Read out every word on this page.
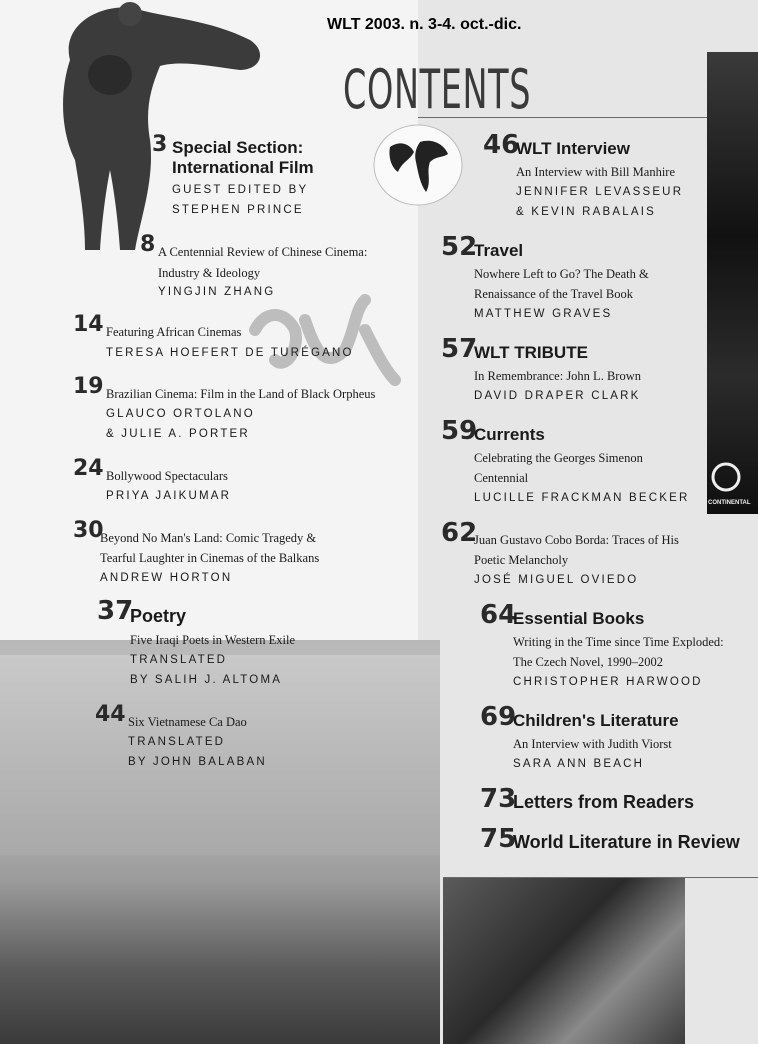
CONTINENTAL
WLT 2003. n. 3-4. oct.-dic.
CONTENTS
3 Special Section:
International Film
GUEST EDITED BY
STEPHEN PRINCE
8 A Centennial Review of Chinese Cinema:
Industry & Ideology
YINGJIN ZHANG
14 Featuring African Cinemas
TERESA HOEFERT DE TURÉGANO
19 Brazilian Cinema: Film in the Land of Black Orpheus
GLAUCO ORTOLANO
& JULIE A. PORTER
24 Bollywood Spectaculars
PRIYA JAIKUMAR
30
Beyond No Man's Land: Comic Tragedy &
Tearful Laughter in Cinemas of the Balkans
ANDREW HORTON
37
Poetry
Five Iraqi Poets in Western Exile
TRANSLATED
BY SALIH J. ALTOMA
44 Six Vietnamese Ca Dao
TRANSLATED
BY JOHN BALABAN
46
WLT Interview
An Interview with Bill Manhire
JENNIFER LEVASSEUR
& KEVIN RABALAIS
52
Travel
Nowhere Left to Go? The Death &
Renaissance of the Travel Book
MATTHEW GRAVES
57
WLT TRIBUTE
In Remembrance: John L. Brown
DAVID DRAPER CLARK
59
Currents
Celebrating the Georges Simenon
Centennial
LUCILLE FRACKMAN BECKER
62
Juan Gustavo Cobo Borda: Traces of His
Poetic Melancholy
JOSÉ MIGUEL OVIEDO
64
Essential Books
Writing in the Time since Time Exploded:
The Czech Novel, 1990–2002
CHRISTOPHER HARWOOD
69
Children's Literature
An Interview with Judith Viorst
SARA ANN BEACH
73
Letters from Readers
75
World Literature in Review
